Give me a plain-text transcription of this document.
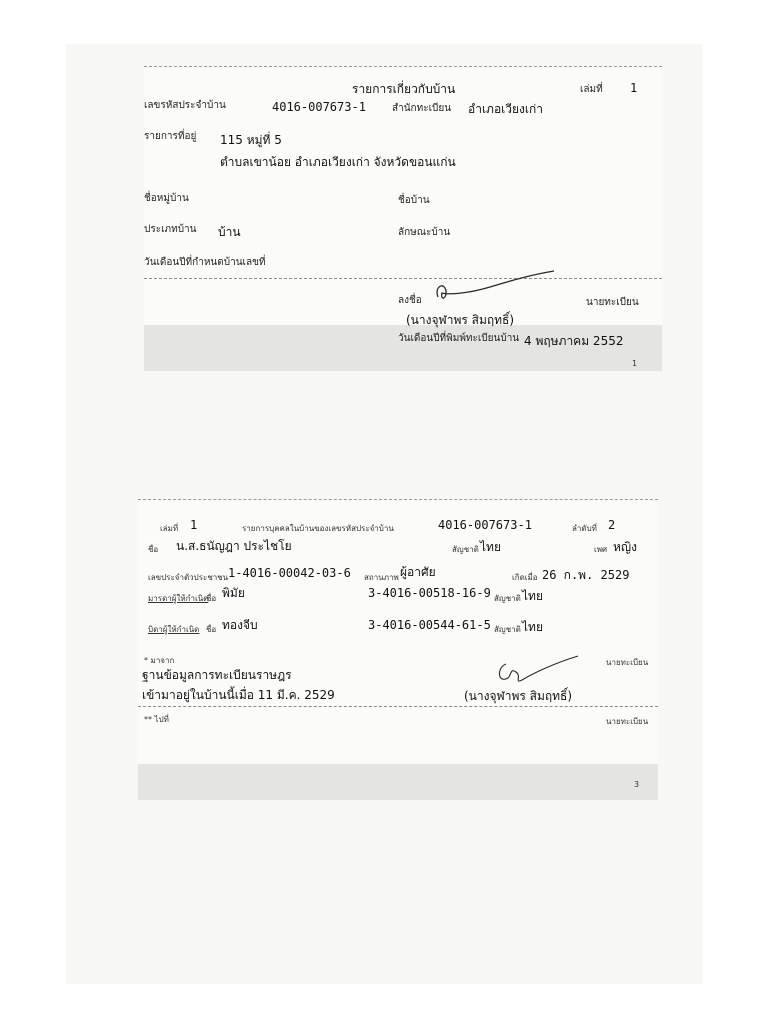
รายการเกี่ยวกับบ้าน	เล่มที่ 1
เลขรหัสประจำบ้าน	4016-007673-1	สำนักทะเบียน อำเภอเวียงเก่า
รายการที่อยู่ 115 หมู่ที่ 5
ตำบลเขาน้อย อำเภอเวียงเก่า จังหวัดขอนแก่น
ชื่อหมู่บ้าน	ชื่อบ้าน
ประเภทบ้าน บ้าน	ลักษณะบ้าน
วันเดือนปีที่กำหนดบ้านเลขที่
ลงชื่อ	นายทะเบียน
(นางจุฬาพร สิมฤทธิ์)
วันเดือนปีที่พิมพ์ทะเบียนบ้าน 4 พฤษภาคม 2552
1
เล่มที่ 1	รายการบุคคลในบ้านของเลขรหัสประจำบ้าน	4016-007673-1	ลำดับที่ 2
ชื่อ น.ส.ธนัญฎา ประไชโย	สัญชาติ ไทย	เพศ หญิง
เลขประจำตัวประชาชน 1-4016-00042-03-6 สถานภาพ ผู้อาศัย	เกิดเมื่อ 26 ก.พ. 2529
มารดาผู้ให้กำเนิด
ชื่อ พิมัย	3-4016-00518-16-9 สัญชาติ ไทย
บิดาผู้ให้กำเนิด ชื่อ ทองจีบ	3-4016-00544-61-5 สัญชาติ ไทย
* มาจาก	นายทะเบียน
ฐานข้อมูลการทะเบียนราษฎร
เข้ามาอยู่ในบ้านนี้เมื่อ 11 มี.ค. 2529	(นางจุฬาพร สิมฤทธิ์)
** ไปที่	นายทะเบียน
3
